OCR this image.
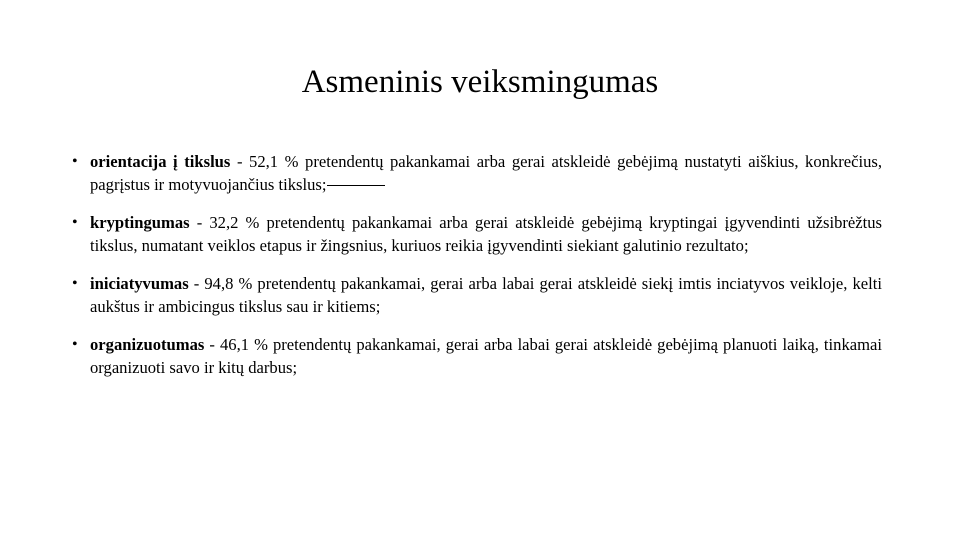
Asmeninis veiksmingumas
• orientacija į tikslus - 52,1 % pretendentų pakankamai arba gerai atskleidė gebėjimą nustatyti aiškius, konkrečius, pagrįstus ir motyvuojančius tikslus;
• kryptingumas - 32,2 % pretendentų pakankamai arba gerai atskleidė gebėjimą kryptingai įgyvendinti užsibrėžtus tikslus, numatant veiklos etapus ir žingsnius, kuriuos reikia įgyvendinti siekiant galutinio rezultato;
• iniciatyvumas - 94,8 % pretendentų pakankamai, gerai arba labai gerai atskleidė siekį imtis inciatyvos veikloje, kelti aukštus ir ambicingus tikslus sau ir kitiems;
• organizuotumas - 46,1 % pretendentų pakankamai, gerai arba labai gerai atskleidė gebėjimą planuoti laiką, tinkamai organizuoti savo ir kitų darbus;
